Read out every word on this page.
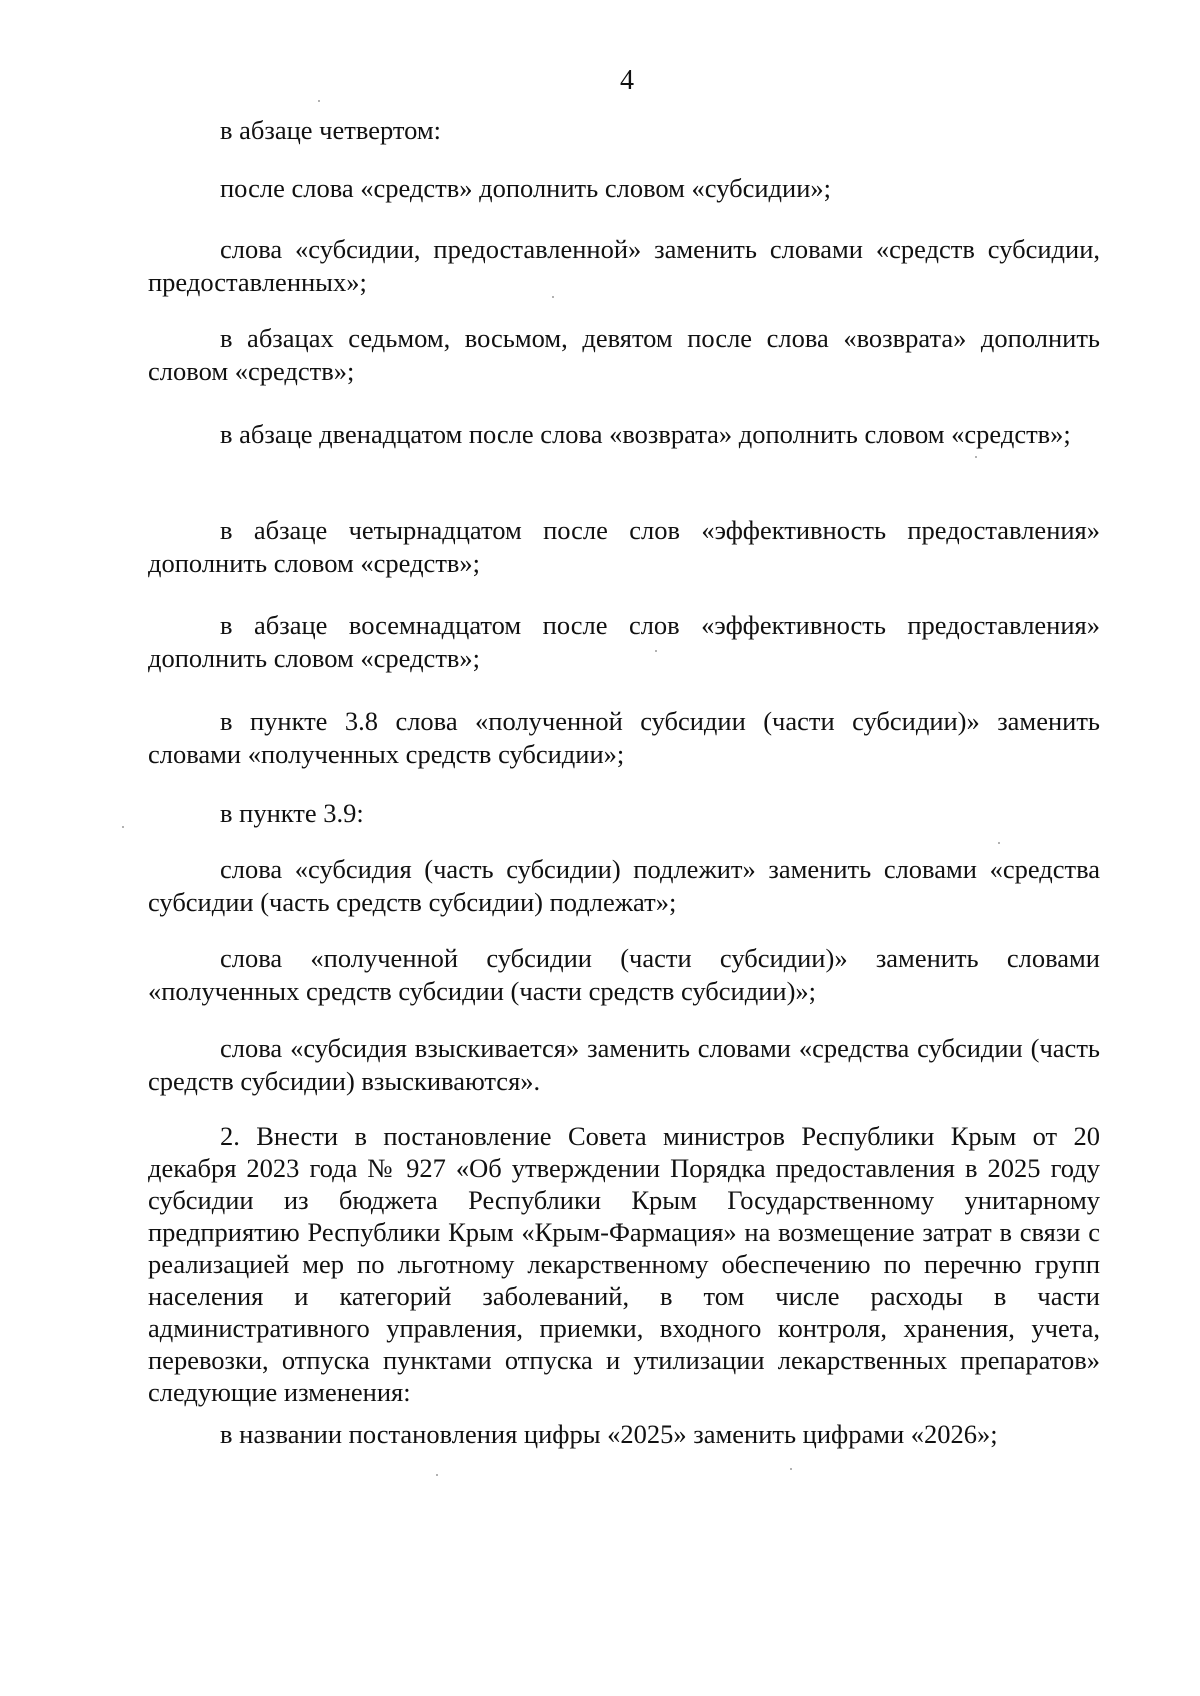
4

в абзаце четвертом:

после слова «средств» дополнить словом «субсидии»;

слова «субсидии, предоставленной» заменить словами «средств субсидии, предоставленных»;

в абзацах седьмом, восьмом, девятом после слова «возврата» дополнить словом «средств»;

в абзаце двенадцатом после слова «возврата» дополнить словом «средств»;

в абзаце четырнадцатом после слов «эффективность предоставления» дополнить словом «средств»;

в абзаце восемнадцатом после слов «эффективность предоставления» дополнить словом «средств»;

в пункте 3.8 слова «полученной субсидии (части субсидии)» заменить словами «полученных средств субсидии»;

в пункте 3.9:

слова «субсидия (часть субсидии) подлежит» заменить словами «средства субсидии (часть средств субсидии) подлежат»;

слова «полученной субсидии (части субсидии)» заменить словами «полученных средств субсидии (части средств субсидии)»;

слова «субсидия взыскивается» заменить словами «средства субсидии (часть средств субсидии) взыскиваются».

2. Внести в постановление Совета министров Республики Крым от 20 декабря 2023 года № 927 «Об утверждении Порядка предоставления в 2025 году субсидии из бюджета Республики Крым Государственному унитарному предприятию Республики Крым «Крым-Фармация» на возмещение затрат в связи с реализацией мер по льготному лекарственному обеспечению по перечню групп населения и категорий заболеваний, в том числе расходы в части административного управления, приемки, входного контроля, хранения, учета, перевозки, отпуска пунктами отпуска и утилизации лекарственных препаратов» следующие изменения:

в названии постановления цифры «2025» заменить цифрами «2026»;
